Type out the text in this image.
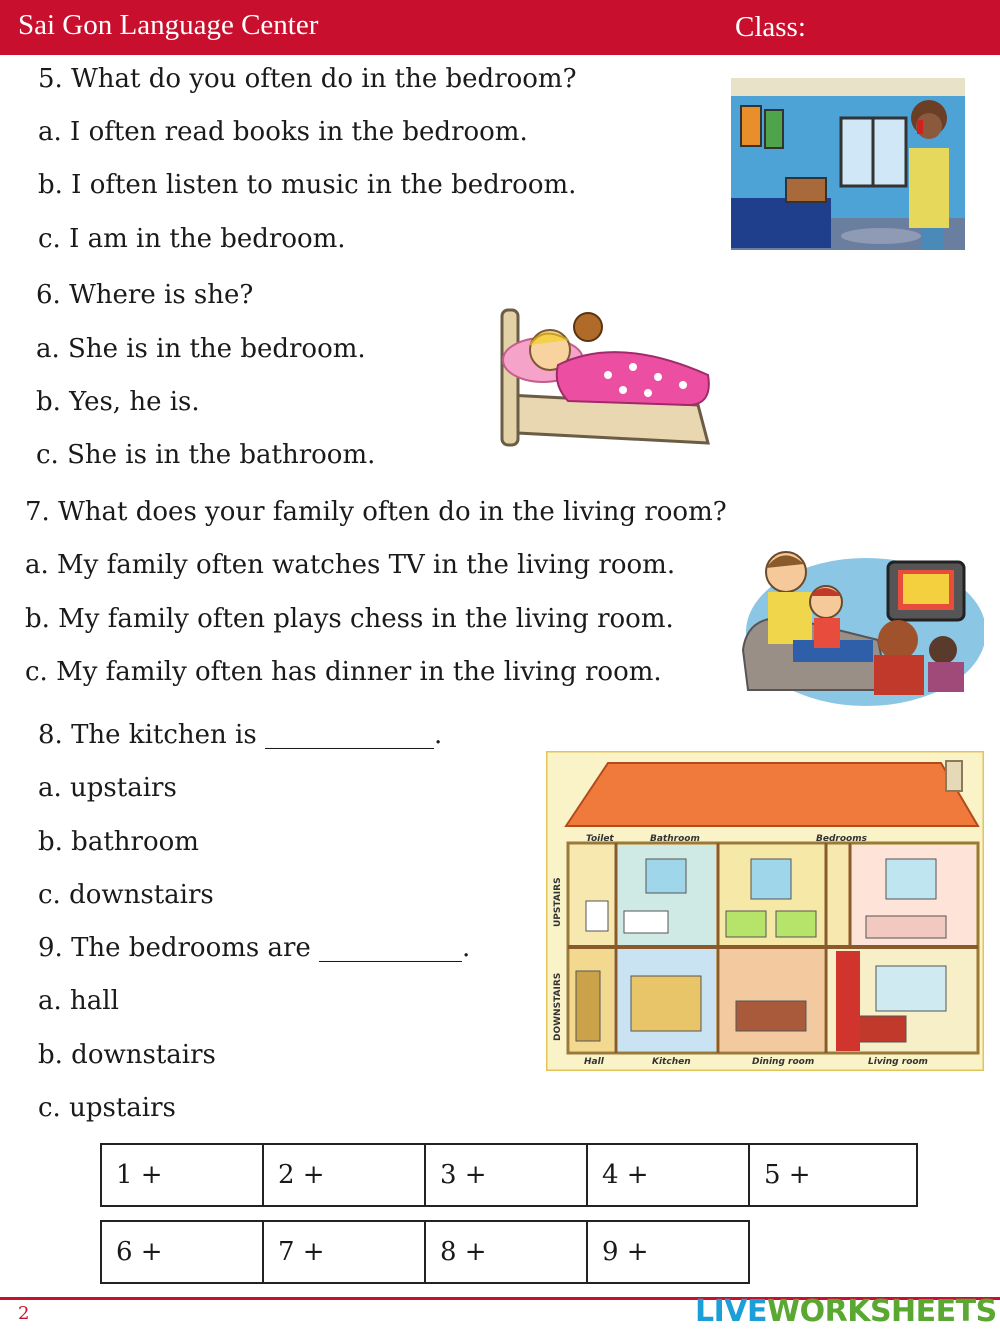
Sai Gon Language Center	Class:
5. What do you often do in the bedroom?
a. I often read books in the bedroom.
b. I often listen to music in the bedroom.
c. I am in the bedroom.
6. Where is she?
a. She is in the bedroom.
b. Yes, he is.
c. She is in the bathroom.
7. What does your family often do in the living room?
a. My family often watches TV in the living room.
b. My family often plays chess in the living room.
c. My family often has dinner in the living room.
8. The kitchen is _____________.
a. upstairs
b. bathroom
c. downstairs
9. The bedrooms are ___________.
a. hall
b. downstairs
c. upstairs
Toilet	Bathroom	Bedrooms
UPSTAIRS
DOWNSTAIRS
Hall	Kitchen	Dining room	Living room
1 +	2 +	3 +	4 +	5 +
6 +	7 +	8 +	9 +
2	LIVEWORKSHEETS
